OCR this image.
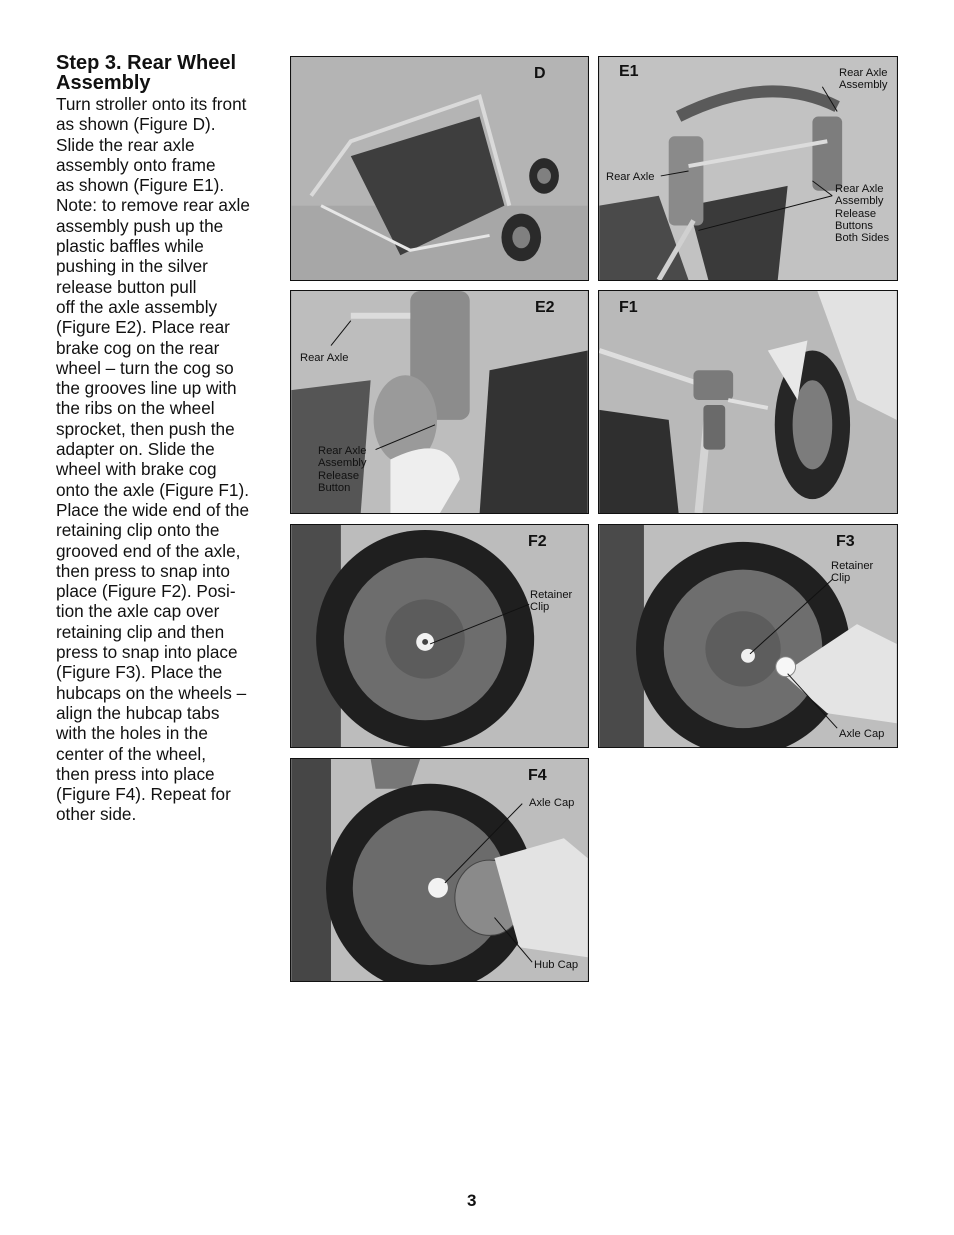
Step 3. Rear Wheel
Assembly

Turn stroller onto its front
as shown (Figure D).
Slide the rear axle
assembly onto frame
as shown (Figure E1).
Note: to remove rear axle
assembly push up the
plastic baffles while
pushing in the silver
release button pull
off the axle assembly
(Figure E2). Place rear
brake cog on the rear
wheel – turn the cog so
the grooves line up with
the ribs on the wheel
sprocket, then push the
adapter on. Slide the
wheel with brake cog
onto the axle (Figure F1).
Place the wide end of the
retaining clip onto the
grooved end of the axle,
then press to snap into
place (Figure F2). Posi-
tion the axle cap over
retaining clip and then
press to snap into place
(Figure F3). Place the
hubcaps on the wheels –
align the hubcap tabs
with the holes in the
center of the wheel,
then press into place
(Figure F4). Repeat for
other side.

D	E1	Rear Axle
Assembly
Rear Axle
Rear Axle
Assembly
Release
Buttons
Both Sides
E2
Rear Axle
Rear Axle
Assembly
Release
Button
F1
F2
Retainer
Clip
F3
Retainer
Clip
Axle Cap
F4
Axle Cap
Hub Cap
3
